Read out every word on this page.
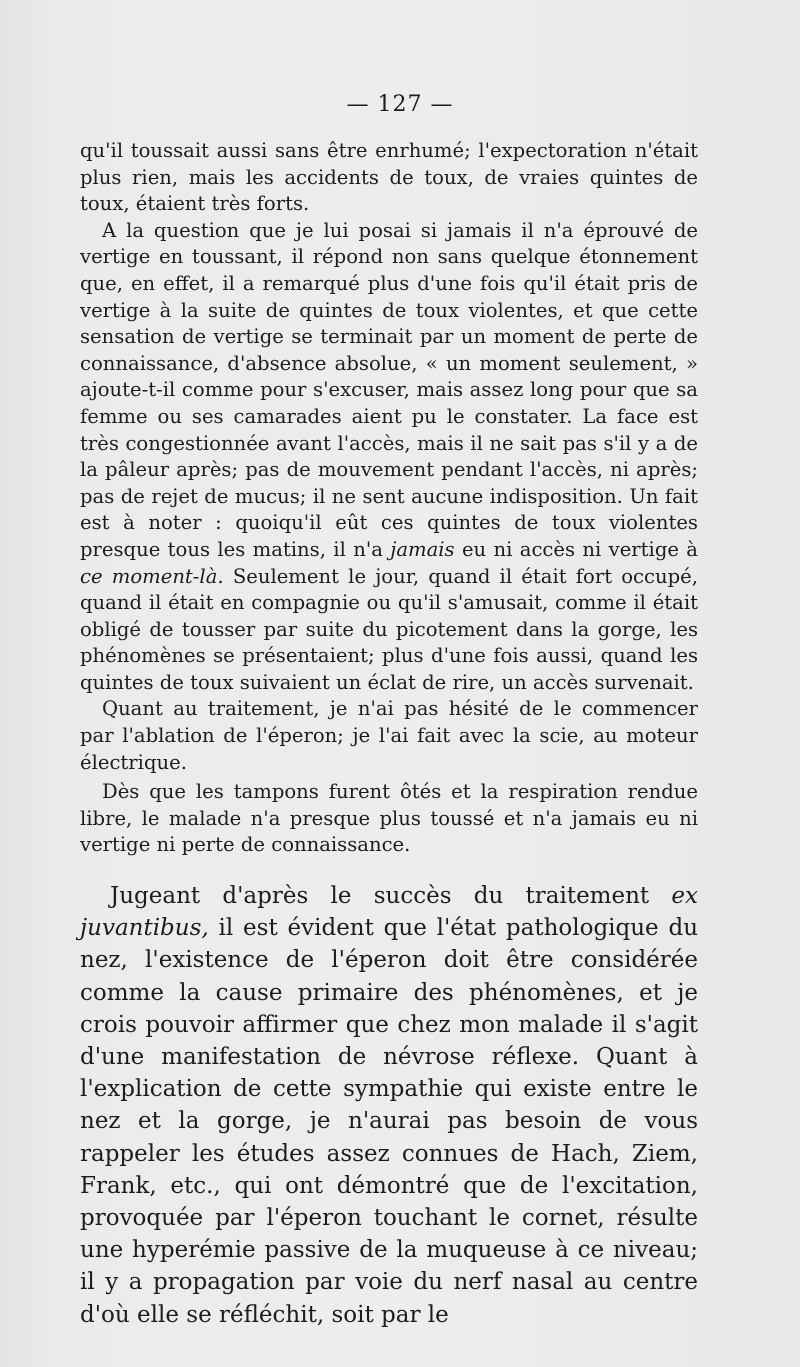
— 127 —

qu'il toussait aussi sans être enrhumé; l'expectoration n'était plus rien, mais les accidents de toux, de vraies quintes de toux, étaient très forts.

A la question que je lui posai si jamais il n'a éprouvé de vertige en toussant, il répond non sans quelque étonnement que, en effet, il a remarqué plus d'une fois qu'il était pris de vertige à la suite de quintes de toux violentes, et que cette sensation de vertige se terminait par un moment de perte de connaissance, d'absence absolue, « un moment seulement, » ajoute-t-il comme pour s'excuser, mais assez long pour que sa femme ou ses camarades aient pu le constater. La face est très congestionnée avant l'accès, mais il ne sait pas s'il y a de la pâleur après; pas de mouvement pendant l'accès, ni après; pas de rejet de mucus; il ne sent aucune indisposition. Un fait est à noter : quoiqu'il eût ces quintes de toux violentes presque tous les matins, il n'a jamais eu ni accès ni vertige à ce moment-là. Seulement le jour, quand il était fort occupé, quand il était en compagnie ou qu'il s'amusait, comme il était obligé de tousser par suite du picotement dans la gorge, les phénomènes se présentaient; plus d'une fois aussi, quand les quintes de toux suivaient un éclat de rire, un accès survenait.

Quant au traitement, je n'ai pas hésité de le commencer par l'ablation de l'éperon; je l'ai fait avec la scie, au moteur électrique.

Dès que les tampons furent ôtés et la respiration rendue libre, le malade n'a presque plus toussé et n'a jamais eu ni vertige ni perte de connaissance.

Jugeant d'après le succès du traitement ex juvantibus, il est évident que l'état pathologique du nez, l'existence de l'éperon doit être considérée comme la cause primaire des phénomènes, et je crois pouvoir affirmer que chez mon malade il s'agit d'une manifestation de névrose réflexe. Quant à l'explication de cette sympathie qui existe entre le nez et la gorge, je n'aurai pas besoin de vous rappeler les études assez connues de Hach, Ziem, Frank, etc., qui ont démontré que de l'excitation, provoquée par l'éperon touchant le cornet, résulte une hyperémie passive de la muqueuse à ce niveau; il y a propagation par voie du nerf nasal au centre d'où elle se réfléchit, soit par le
